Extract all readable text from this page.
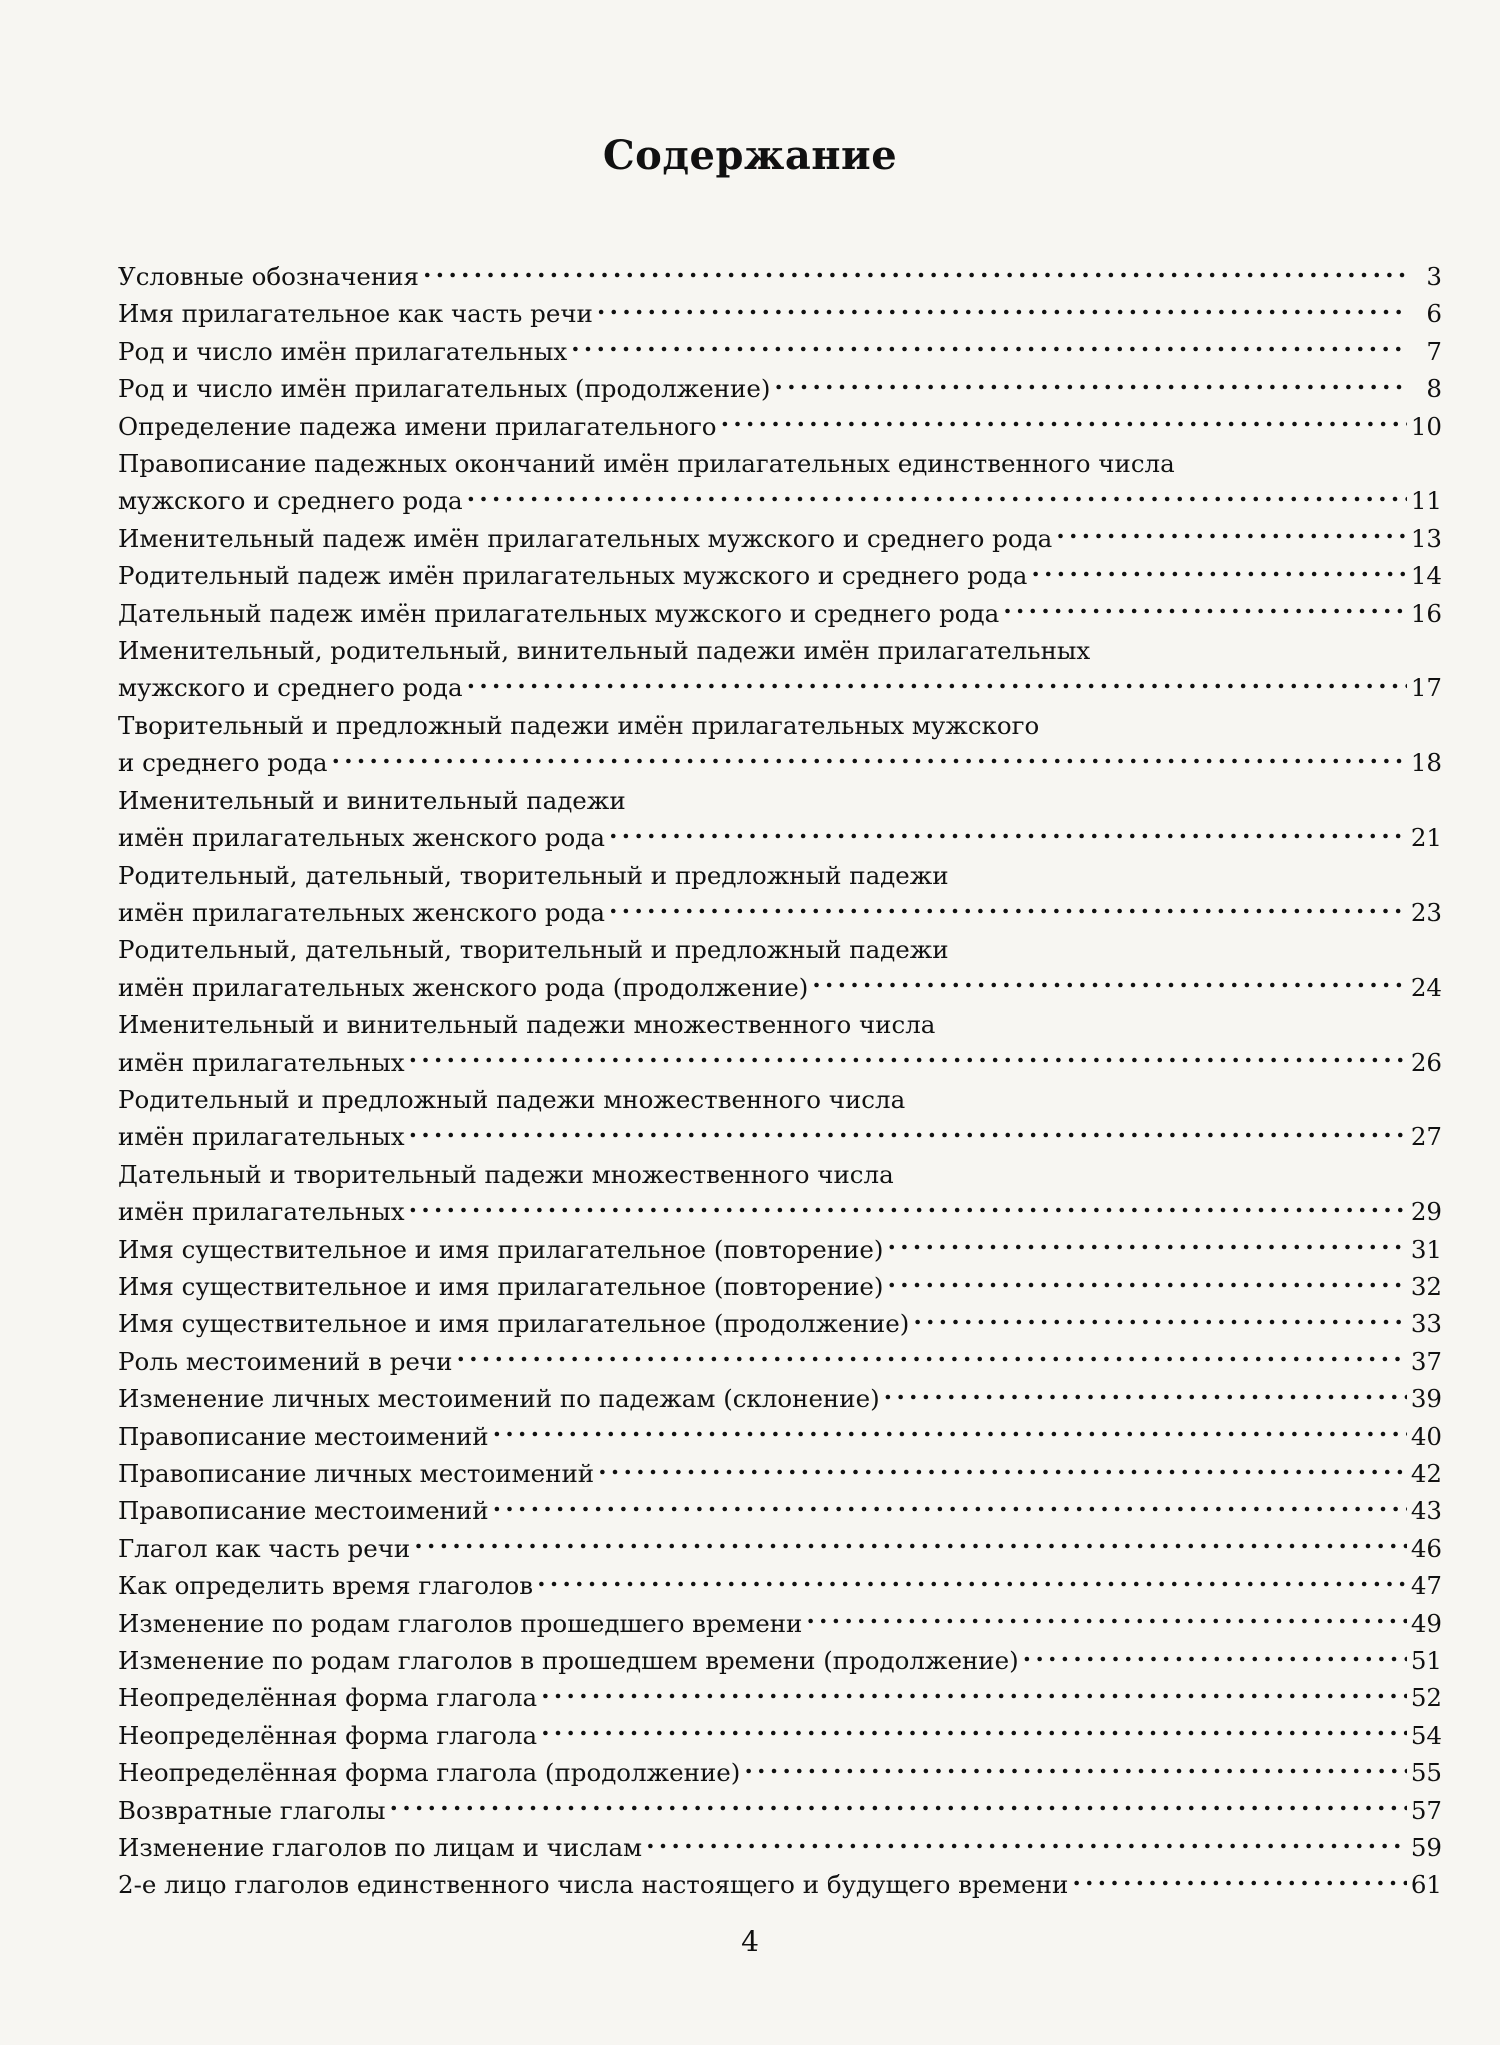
Содержание
Условные обозначения . . .	3
Имя прилагательное как часть речи . . .	6
Род и число имён прилагательных . . .	7
Род и число имён прилагательных (продолжение) . . .	8
Определение падежа имени прилагательного . . .	10
Правописание падежных окончаний имён прилагательных единственного числа
мужского и среднего рода . . .	11
Именительный падеж имён прилагательных мужского и среднего рода . . .	13
Родительный падеж имён прилагательных мужского и среднего рода . . .	14
Дательный падеж имён прилагательных мужского и среднего рода . . .	16
Именительный, родительный, винительный падежи имён прилагательных
мужского и среднего рода . . .	17
Творительный и предложный падежи имён прилагательных мужского
и среднего рода . . .	18
Именительный и винительный падежи
имён прилагательных женского рода . . .	21
Родительный, дательный, творительный и предложный падежи
имён прилагательных женского рода . . .	23
Родительный, дательный, творительный и предложный падежи
имён прилагательных женского рода (продолжение) . . .	24
Именительный и винительный падежи множественного числа
имён прилагательных . . .	26
Родительный и предложный падежи множественного числа
имён прилагательных . . .	27
Дательный и творительный падежи множественного числа
имён прилагательных . . .	29
Имя существительное и имя прилагательное (повторение) . . .	31
Имя существительное и имя прилагательное (повторение) . . .	32
Имя существительное и имя прилагательное (продолжение) . . .	33
Роль местоимений в речи . . .	37
Изменение личных местоимений по падежам (склонение) . . .	39
Правописание местоимений . . .	40
Правописание личных местоимений . . .	42
Правописание местоимений . . .	43
Глагол как часть речи . . .	46
Как определить время глаголов . . .	47
Изменение по родам глаголов прошедшего времени . . .	49
Изменение по родам глаголов в прошедшем времени (продолжение) . . .	51
Неопределённая форма глагола . . .	52
Неопределённая форма глагола . . .	54
Неопределённая форма глагола (продолжение) . . .	55
Возвратные глаголы . . .	57
Изменение глаголов по лицам и числам . . .	59
2-е лицо глаголов единственного числа настоящего и будущего времени . . .	61
4
